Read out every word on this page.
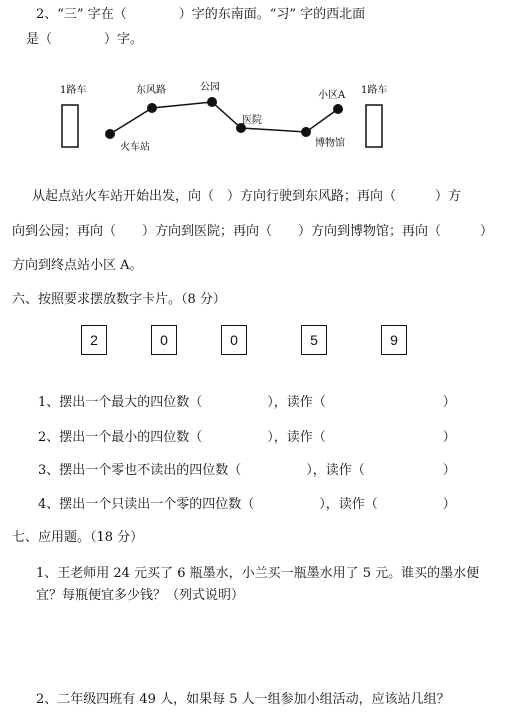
2、“三” 字在（　　　　）字的东南面。“习” 字的西北面
是（　　　　）字。
1路车	1路车
东风路	公园
小区A
医院
火车站	博物馆
从起点站火车站开始出发，向（　）方向行驶到东风路；再向（　　　）方
向到公园；再向（　　）方向到医院；再向（　　）方向到博物馆；再向（　　　）
方向到终点站小区 A。
六、按照要求摆放数字卡片。（8 分）
2	0	0	5	9
1、摆出一个最大的四位数（　　　　　），读作（　　　　　　　　　）
2、摆出一个最小的四位数（　　　　　），读作（　　　　　　　　　）
3、摆出一个零也不读出的四位数（　　　　　），读作（　　　　　　）
4、摆出一个只读出一个零的四位数（　　　　　），读作（　　　　　）
七、应用题。（18 分）
1、王老师用 24 元买了 6 瓶墨水，小兰买一瓶墨水用了 5 元。谁买的墨水便
宜？每瓶便宜多少钱？（列式说明）
2、二年级四班有 49 人，如果每 5 人一组参加小组活动，应该站几组？
